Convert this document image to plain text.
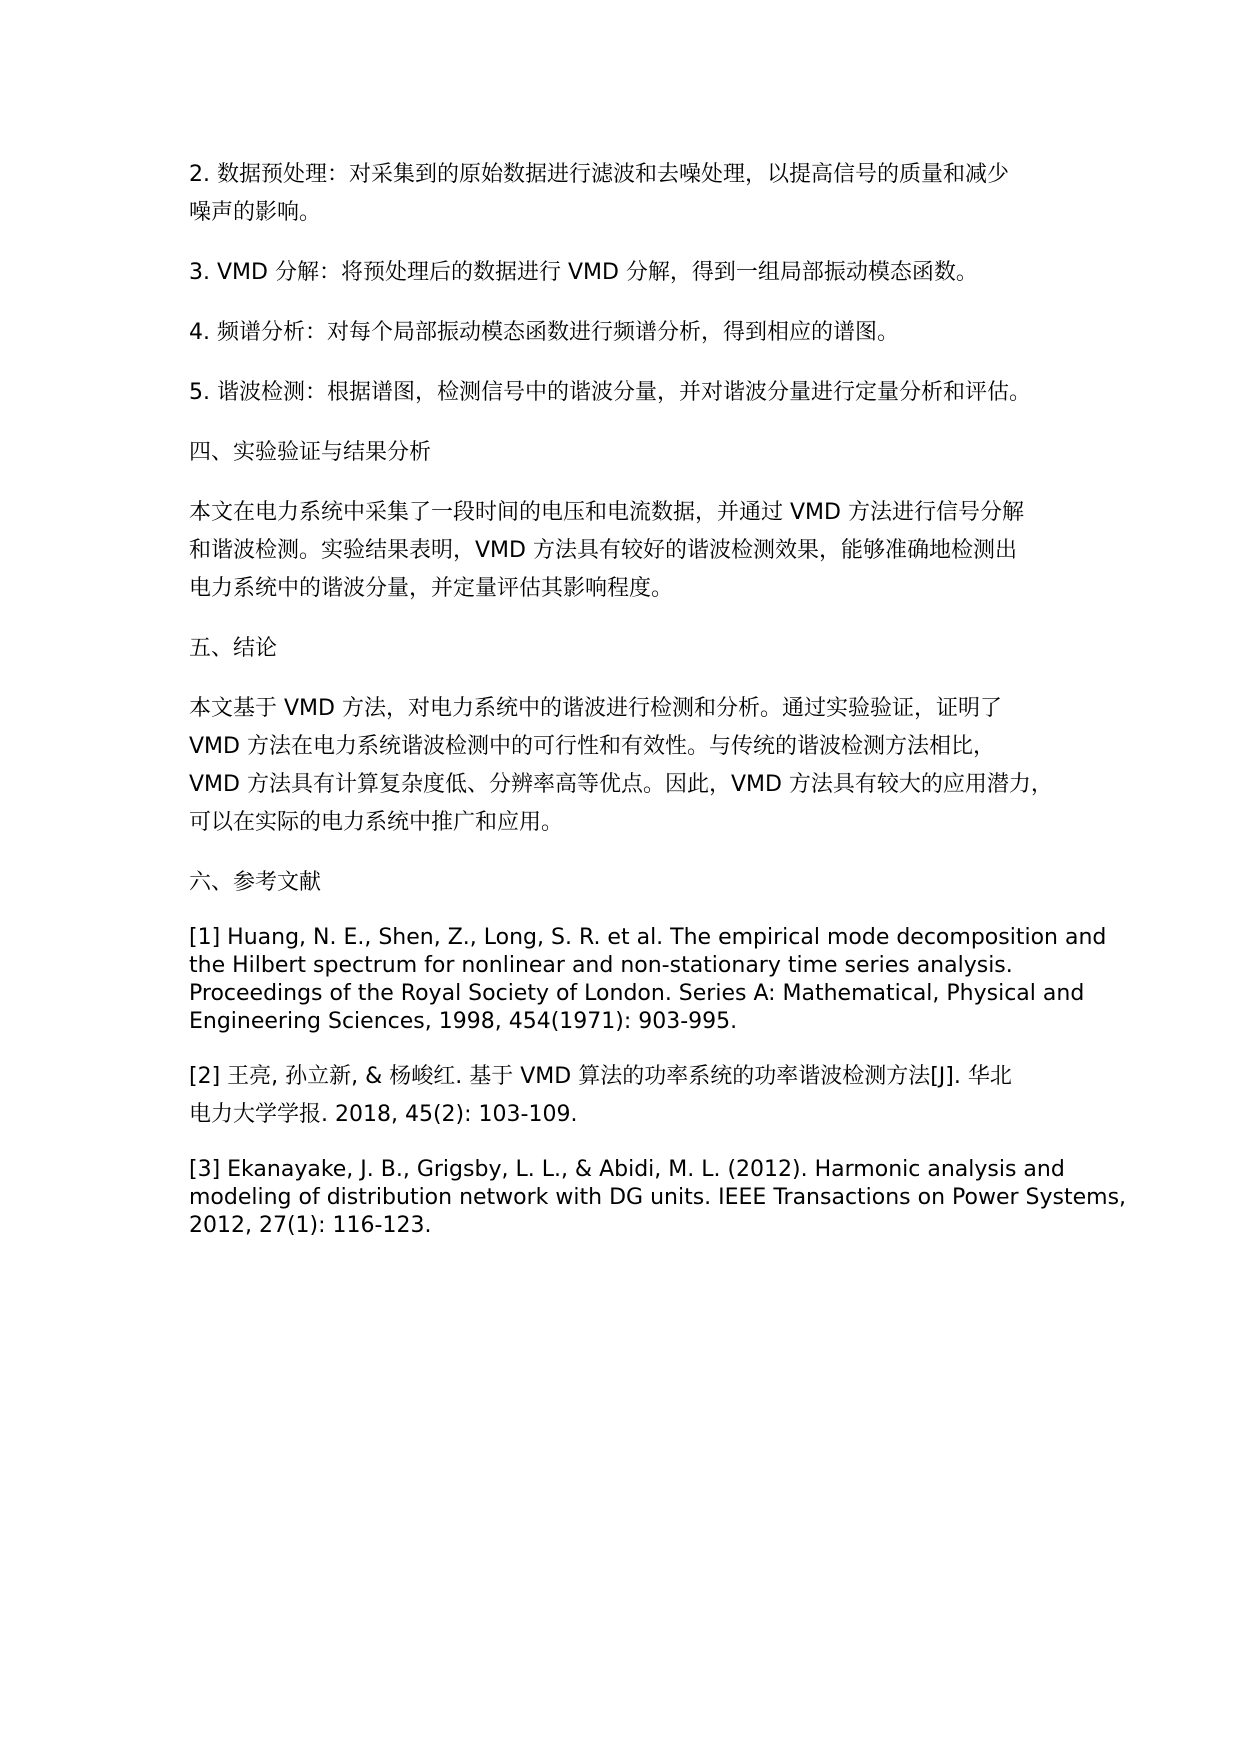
2. 数据预处理：对采集到的原始数据进行滤波和去噪处理，以提高信号的质量和减少
噪声的影响。

3. VMD 分解：将预处理后的数据进行 VMD 分解，得到一组局部振动模态函数。

4. 频谱分析：对每个局部振动模态函数进行频谱分析，得到相应的谱图。

5. 谐波检测：根据谱图，检测信号中的谐波分量，并对谐波分量进行定量分析和评估。

四、实验验证与结果分析

本文在电力系统中采集了一段时间的电压和电流数据，并通过 VMD 方法进行信号分解
和谐波检测。实验结果表明，VMD 方法具有较好的谐波检测效果，能够准确地检测出
电力系统中的谐波分量，并定量评估其影响程度。

五、结论

本文基于 VMD 方法，对电力系统中的谐波进行检测和分析。通过实验验证，证明了
VMD 方法在电力系统谐波检测中的可行性和有效性。与传统的谐波检测方法相比，
VMD 方法具有计算复杂度低、分辨率高等优点。因此，VMD 方法具有较大的应用潜力，
可以在实际的电力系统中推广和应用。

六、参考文献

[1] Huang, N. E., Shen, Z., Long, S. R. et al. The empirical mode decomposition and
the Hilbert spectrum for nonlinear and non-stationary time series analysis.
Proceedings of the Royal Society of London. Series A: Mathematical, Physical and
Engineering Sciences, 1998, 454(1971): 903-995.

[2] 王亮, 孙立新, & 杨峻红. 基于 VMD 算法的功率系统的功率谐波检测方法[J]. 华北
电力大学学报. 2018, 45(2): 103-109.

[3] Ekanayake, J. B., Grigsby, L. L., & Abidi, M. L. (2012). Harmonic analysis and
modeling of distribution network with DG units. IEEE Transactions on Power Systems,
2012, 27(1): 116-123.
